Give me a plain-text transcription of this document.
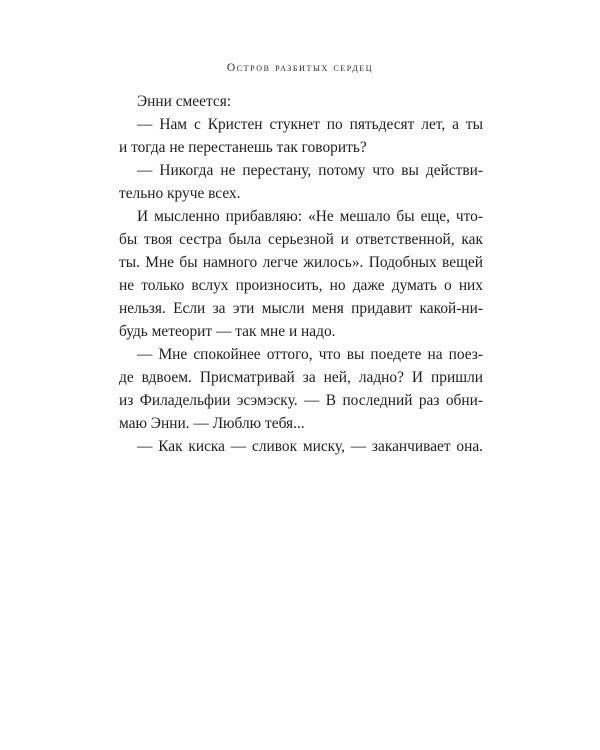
Остров разбитых сердец
Энни смеется:
— Нам с Кристен стукнет по пятьдесят лет, а ты
и тогда не перестанешь так говорить?
— Никогда не перестану, потому что вы действи-
тельно круче всех.
И мысленно прибавляю: «Не мешало бы еще, что-
бы твоя сестра была серьезной и ответственной, как
ты. Мне бы намного легче жилось». Подобных вещей
не только вслух произносить, но даже думать о них
нельзя. Если за эти мысли меня придавит какой-ни-
будь метеорит — так мне и надо.
— Мне спокойнее оттого, что вы поедете на поез-
де вдвоем. Присматривай за ней, ладно? И пришли
из Филадельфии эсэмэску. — В последний раз обни-
маю Энни. — Люблю тебя...
— Как киска — сливок миску, — заканчивает она.
